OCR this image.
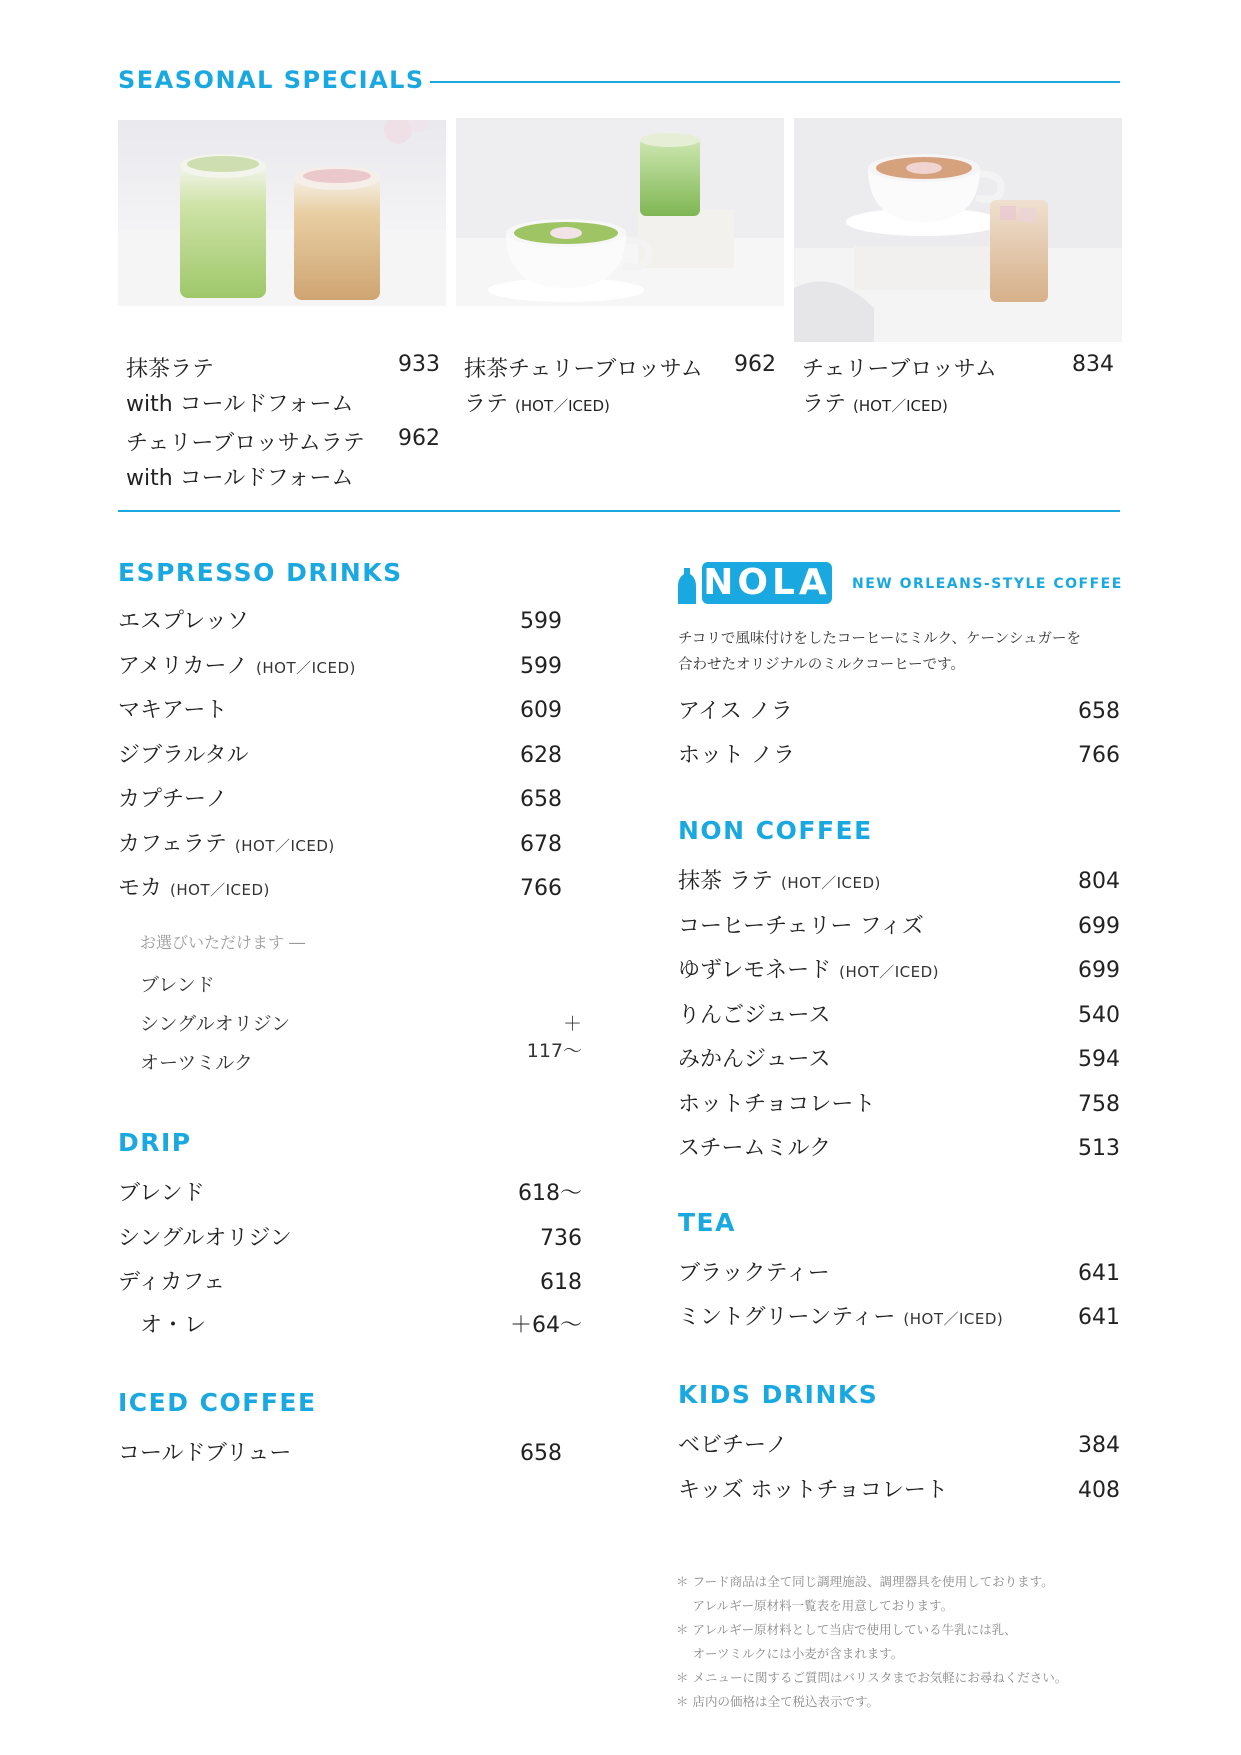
SEASONAL SPECIALS
抹茶ラテ	933
with コールドフォーム
チェリーブロッサムラテ 962
with コールドフォーム
抹茶チェリーブロッサム 962
ラテ (HOT／ICED)
チェリーブロッサム	834
ラテ (HOT／ICED)
ESPRESSO DRINKS
エスプレッソ	599
アメリカーノ (HOT／ICED)	599
マキアート	609
ジブラルタル	628
カプチーノ	658
カフェラテ (HOT／ICED)	678
モカ (HOT／ICED)	766
お選びいただけます ―
ブレンド
シングルオリジン	＋117〜
オーツミルク
DRIP
ブレンド	618〜
シングルオリジン	736
ディカフェ	618
オ・レ	＋64〜
ICED COFFEE
コールドブリュー	658
NOLA NEW ORLEANS-STYLE COFFEE
チコリで風味付けをしたコーヒーにミルク、ケーンシュガーを
合わせたオリジナルのミルクコーヒーです。
アイス ノラ	658
ホット ノラ	766
NON COFFEE
抹茶 ラテ (HOT／ICED)	804
コーヒーチェリー フィズ	699
ゆずレモネード (HOT／ICED)	699
りんごジュース	540
みかんジュース	594
ホットチョコレート	758
スチームミルク	513
TEA
ブラックティー	641
ミントグリーンティー (HOT／ICED)	641
KIDS DRINKS
ベビチーノ	384
キッズ ホットチョコレート	408
＊ フード商品は全て同じ調理施設、調理器具を使用しております。
　 アレルギー原材料一覧表を用意しております。
＊ アレルギー原材料として当店で使用している牛乳には乳、
　 オーツミルクには小麦が含まれます。
＊ メニューに関するご質問はバリスタまでお気軽にお尋ねください。
＊ 店内の価格は全て税込表示です。
